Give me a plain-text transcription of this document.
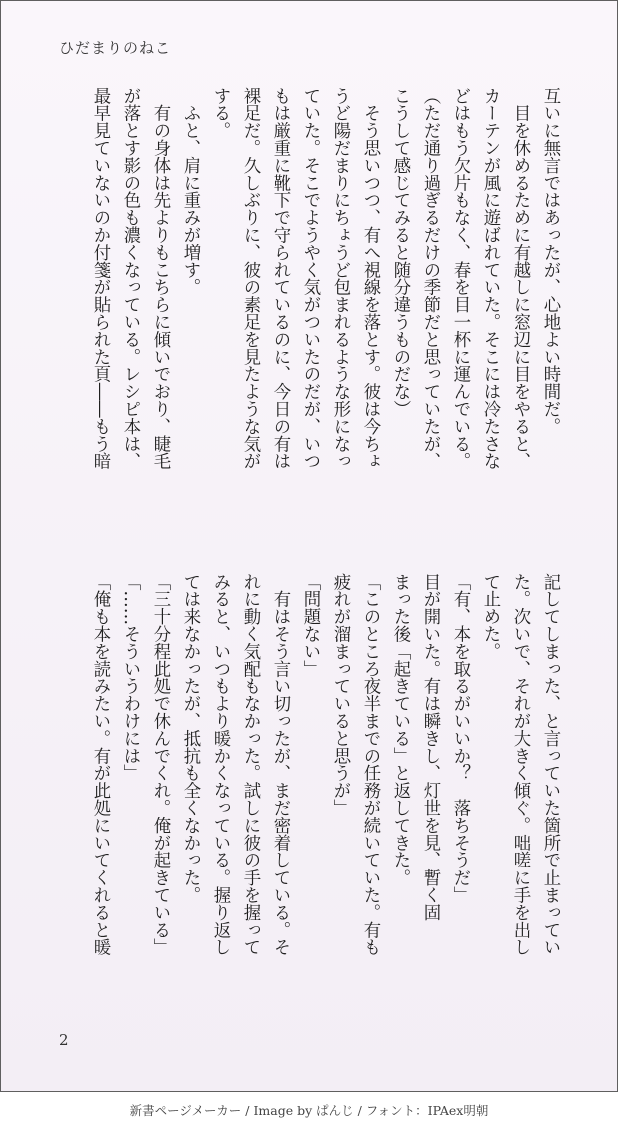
ひだまりのねこ
互いに無言ではあったが、心地よい時間だ。
　目を休めるために有越しに窓辺に目をやると、
カーテンが風に遊ばれていた。そこには冷たさな
どはもう欠片もなく、春を目一杯に運んでいる。
（ただ通り過ぎるだけの季節だと思っていたが、
こうして感じてみると随分違うものだな）
　そう思いつつ、有へ視線を落とす。彼は今ちょ
うど陽だまりにちょうど包まれるような形になっ
ていた。そこでようやく気がついたのだが、いつ
もは厳重に靴下で守られているのに、今日の有は
裸足だ。久しぶりに、彼の素足を見たような気が
する。
　ふと、肩に重みが増す。
　有の身体は先よりもこちらに傾いでおり、睫毛
が落とす影の色も濃くなっている。レシピ本は、
最早見ていないのか付箋が貼られた頁――もう暗
記してしまった、と言っていた箇所で止まってい
た。次いで、それが大きく傾ぐ。咄嗟に手を出し
て止めた。
「有、本を取るがいいか？　落ちそうだ」
目が開いた。有は瞬きし、灯世を見、暫く固
まった後「起きている」と返してきた。
「このところ夜半までの任務が続いていた。有も
疲れが溜まっていると思うが」
「問題ない」
　有はそう言い切ったが、まだ密着している。そ
れに動く気配もなかった。試しに彼の手を握って
みると、いつもより暖かくなっている。握り返し
ては来なかったが、抵抗も全くなかった。
「三十分程此処で休んでくれ。俺が起きている」
「……そういうわけには」
「俺も本を読みたい。有が此処にいてくれると暖
2
新書ページメーカー / Image by ぱんじ / フォント：IPAex明朝
